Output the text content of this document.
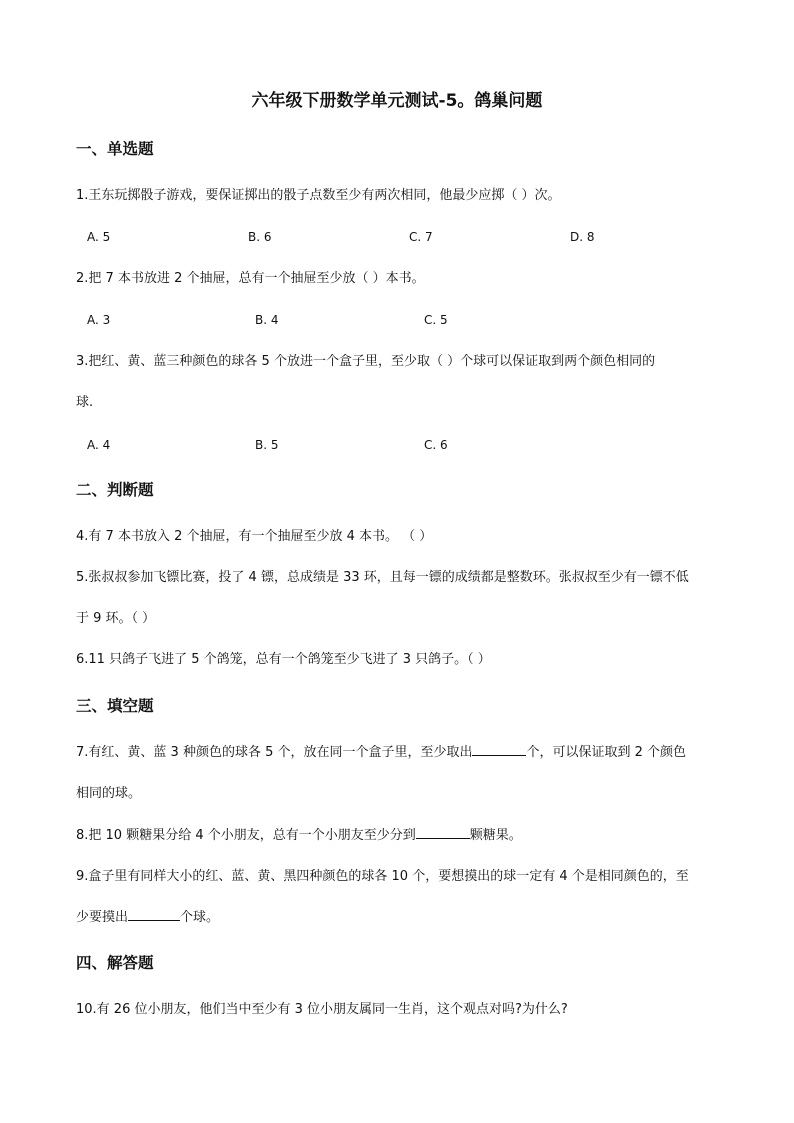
六年级下册数学单元测试-5。鸽巢问题
一、单选题
1.王东玩掷骰子游戏，要保证掷出的骰子点数至少有两次相同，他最少应掷（ ）次。
A. 5	B. 6	C. 7	D. 8
2.把 7 本书放进 2 个抽屉，总有一个抽屉至少放（ ）本书。
A. 3	B. 4	C. 5
3.把红、黄、蓝三种颜色的球各 5 个放进一个盒子里，至少取（ ）个球可以保证取到两个颜色相同的
球.
A. 4	B. 5	C. 6
二、判断题
4.有 7 本书放入 2 个抽屉，有一个抽屉至少放 4 本书。 （ ）
5.张叔叔参加飞镖比赛，投了 4 镖，总成绩是 33 环，且每一镖的成绩都是整数环。张叔叔至少有一镖不低
于 9 环。（ ）
6.11 只鸽子飞进了 5 个鸽笼，总有一个鸽笼至少飞进了 3 只鸽子。（ ）
三、填空题
7.有红、黄、蓝 3 种颜色的球各 5 个，放在同一个盒子里，至少取出	个，可以保证取到 2 个颜色
相同的球。
8.把 10 颗糖果分给 4 个小朋友，总有一个小朋友至少分到	颗糖果。
9.盒子里有同样大小的红、蓝、黄、黑四种颜色的球各 10 个，要想摸出的球一定有 4 个是相同颜色的，至
少要摸出	个球。
四、解答题
10.有 26 位小朋友，他们当中至少有 3 位小朋友属同一生肖，这个观点对吗?为什么?
